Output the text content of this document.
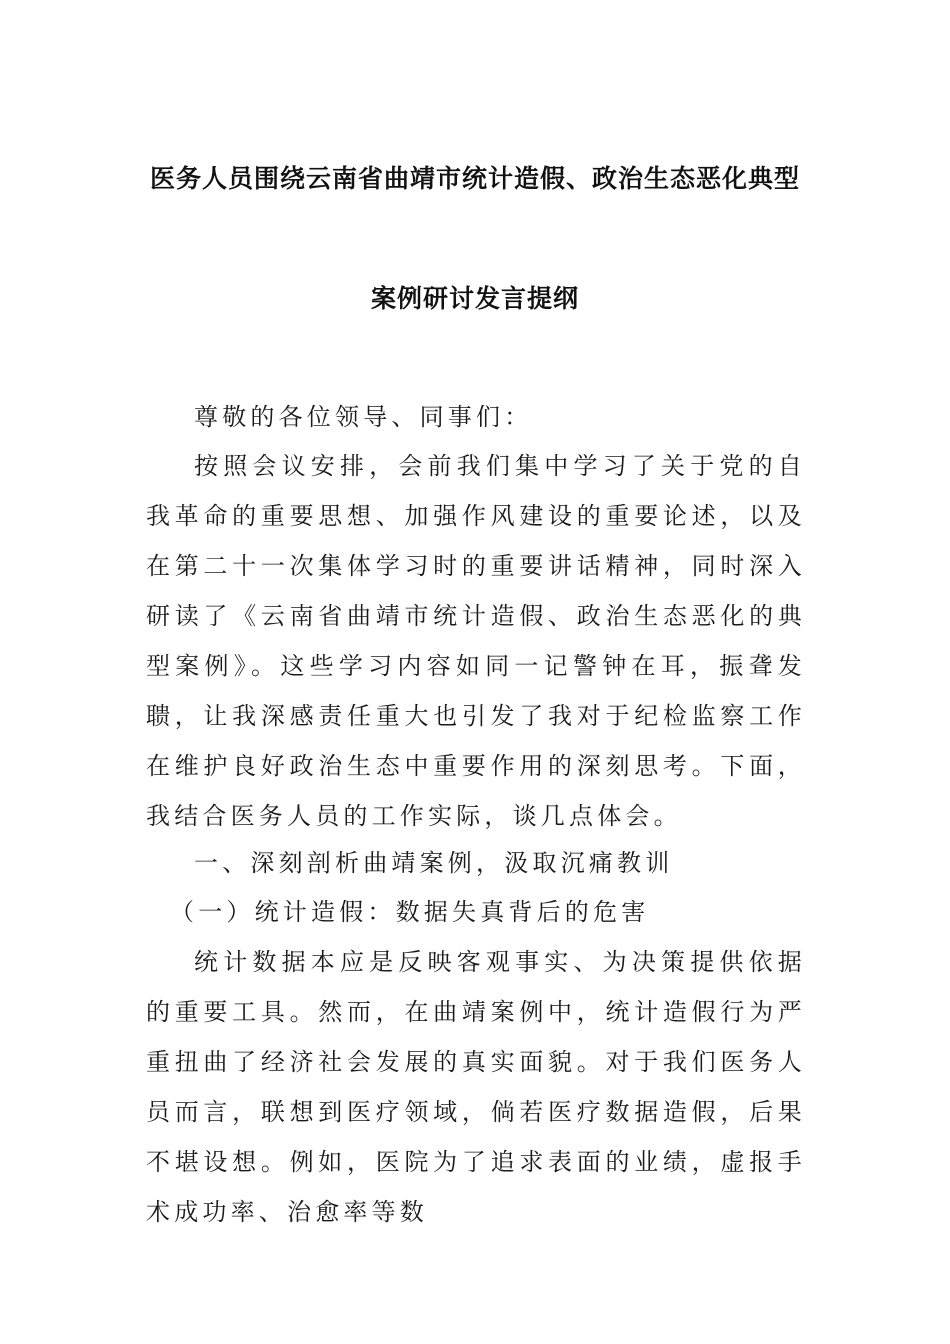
医务人员围绕云南省曲靖市统计造假、政治生态恶化典型
案例研讨发言提纲

尊敬的各位领导、同事们：

按照会议安排，会前我们集中学习了关于党的自我革命的重要思想、加强作风建设的重要论述，以及在第二十一次集体学习时的重要讲话精神，同时深入研读了《云南省曲靖市统计造假、政治生态恶化的典型案例》。这些学习内容如同一记警钟在耳，振聋发聩，让我深感责任重大也引发了我对于纪检监察工作在维护良好政治生态中重要作用的深刻思考。下面，我结合医务人员的工作实际，谈几点体会。

一、深刻剖析曲靖案例，汲取沉痛教训

（一）统计造假：数据失真背后的危害

统计数据本应是反映客观事实、为决策提供依据的重要工具。然而，在曲靖案例中，统计造假行为严重扭曲了经济社会发展的真实面貌。对于我们医务人员而言，联想到医疗领域，倘若医疗数据造假，后果不堪设想。例如，医院为了追求表面的业绩，虚报手术成功率、治愈率等数
